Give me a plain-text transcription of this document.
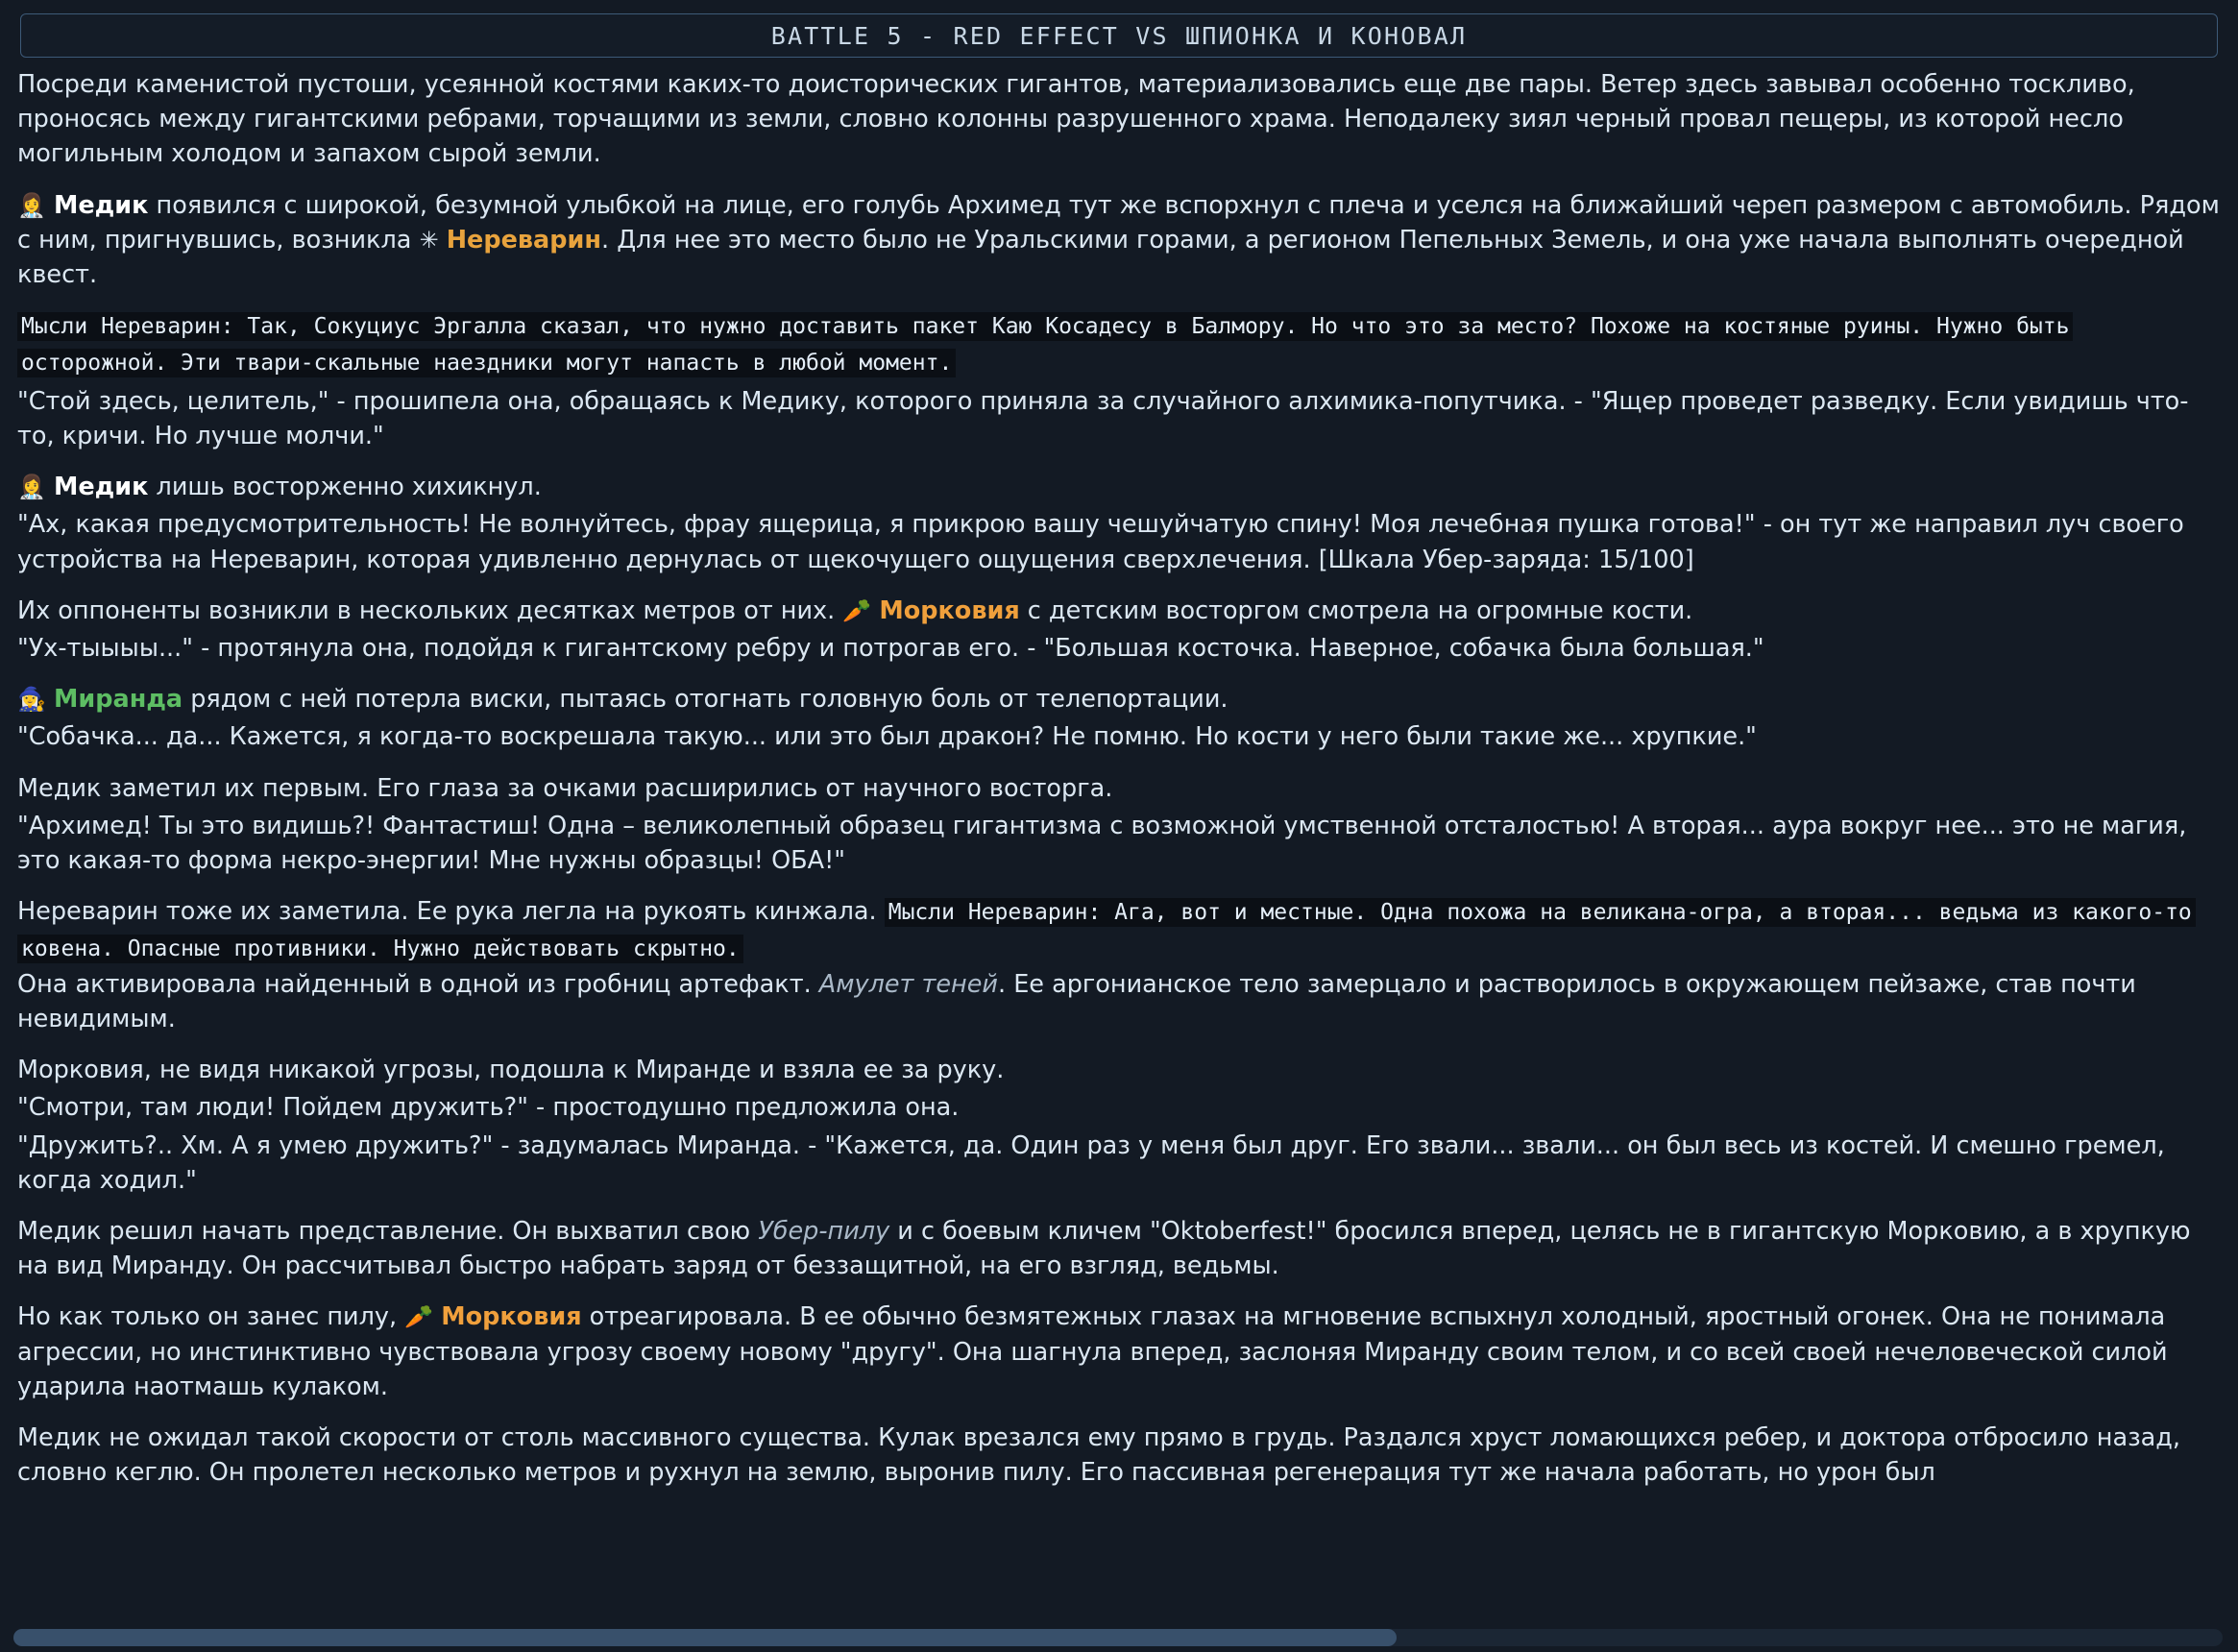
BATTLE 5 - RED EFFECT VS ШПИОНКА И КОНОВАЛ

Посреди каменистой пустоши, усеянной костями каких-то доисторических гигантов, материализовались еще две пары. Ветер здесь завывал особенно тоскливо, проносясь между гигантскими ребрами, торчащими из земли, словно колонны разрушенного храма. Неподалеку зиял черный провал пещеры, из которой несло могильным холодом и запахом сырой земли.

👩‍⚕️ Медик появился с широкой, безумной улыбкой на лице, его голубь Архимед тут же вспорхнул с плеча и уселся на ближайший череп размером с автомобиль. Рядом с ним, пригнувшись, возникла ✳ Нереварин. Для нее это место было не Уральскими горами, а регионом Пепельных Земель, и она уже начала выполнять очередной квест.

Мысли Нереварин: Так, Сокуциус Эргалла сказал, что нужно доставить пакет Каю Косадесу в Балмору. Но что это за место? Похоже на костяные руины. Нужно быть осторожной. Эти твари-скальные наездники могут напасть в любой момент.

"Стой здесь, целитель," - прошипела она, обращаясь к Медику, которого приняла за случайного алхимика-попутчика. - "Ящер проведет разведку. Если увидишь что-то, кричи. Но лучше молчи."

👩‍⚕️ Медик лишь восторженно хихикнул.

"Ах, какая предусмотрительность! Не волнуйтесь, фрау ящерица, я прикрою вашу чешуйчатую спину! Моя лечебная пушка готова!" - он тут же направил луч своего устройства на Нереварин, которая удивленно дернулась от щекочущего ощущения сверхлечения. [Шкала Убер-заряда: 15/100]

Их оппоненты возникли в нескольких десятках метров от них. 🥕 Морковия с детским восторгом смотрела на огромные кости.

"Ух-тыыыы..." - протянула она, подойдя к гигантскому ребру и потрогав его. - "Большая косточка. Наверное, собачка была большая."

🧙‍♀️ Миранда рядом с ней потерла виски, пытаясь отогнать головную боль от телепортации.

"Собачка... да... Кажется, я когда-то воскрешала такую... или это был дракон? Не помню. Но кости у него были такие же... хрупкие."

Медик заметил их первым. Его глаза за очками расширились от научного восторга.

"Архимед! Ты это видишь?! Фантастиш! Одна – великолепный образец гигантизма с возможной умственной отсталостью! А вторая... аура вокруг нее... это не магия, это какая-то форма некро-энергии! Мне нужны образцы! ОБА!"

Нереварин тоже их заметила. Ее рука легла на рукоять кинжала. Мысли Нереварин: Ага, вот и местные. Одна похожа на великана-огра, а вторая... ведьма из какого-то ковена. Опасные противники. Нужно действовать скрытно.

Она активировала найденный в одной из гробниц артефакт. Амулет теней. Ее аргонианское тело замерцало и растворилось в окружающем пейзаже, став почти невидимым.

Морковия, не видя никакой угрозы, подошла к Миранде и взяла ее за руку.

"Смотри, там люди! Пойдем дружить?" - простодушно предложила она.

"Дружить?.. Хм. А я умею дружить?" - задумалась Миранда. - "Кажется, да. Один раз у меня был друг. Его звали... звали... он был весь из костей. И смешно гремел, когда ходил."

Медик решил начать представление. Он выхватил свою Убер-пилу и с боевым кличем "Oktoberfest!" бросился вперед, целясь не в гигантскую Морковию, а в хрупкую на вид Миранду. Он рассчитывал быстро набрать заряд от беззащитной, на его взгляд, ведьмы.

Но как только он занес пилу, 🥕 Морковия отреагировала. В ее обычно безмятежных глазах на мгновение вспыхнул холодный, яростный огонек. Она не понимала агрессии, но инстинктивно чувствовала угрозу своему новому "другу". Она шагнула вперед, заслоняя Миранду своим телом, и со всей своей нечеловеческой силой ударила наотмашь кулаком.

Медик не ожидал такой скорости от столь массивного существа. Кулак врезался ему прямо в грудь. Раздался хруст ломающихся ребер, и доктора отбросило назад, словно кеглю. Он пролетел несколько метров и рухнул на землю, выронив пилу. Его пассивная регенерация тут же начала работать, но урон был
